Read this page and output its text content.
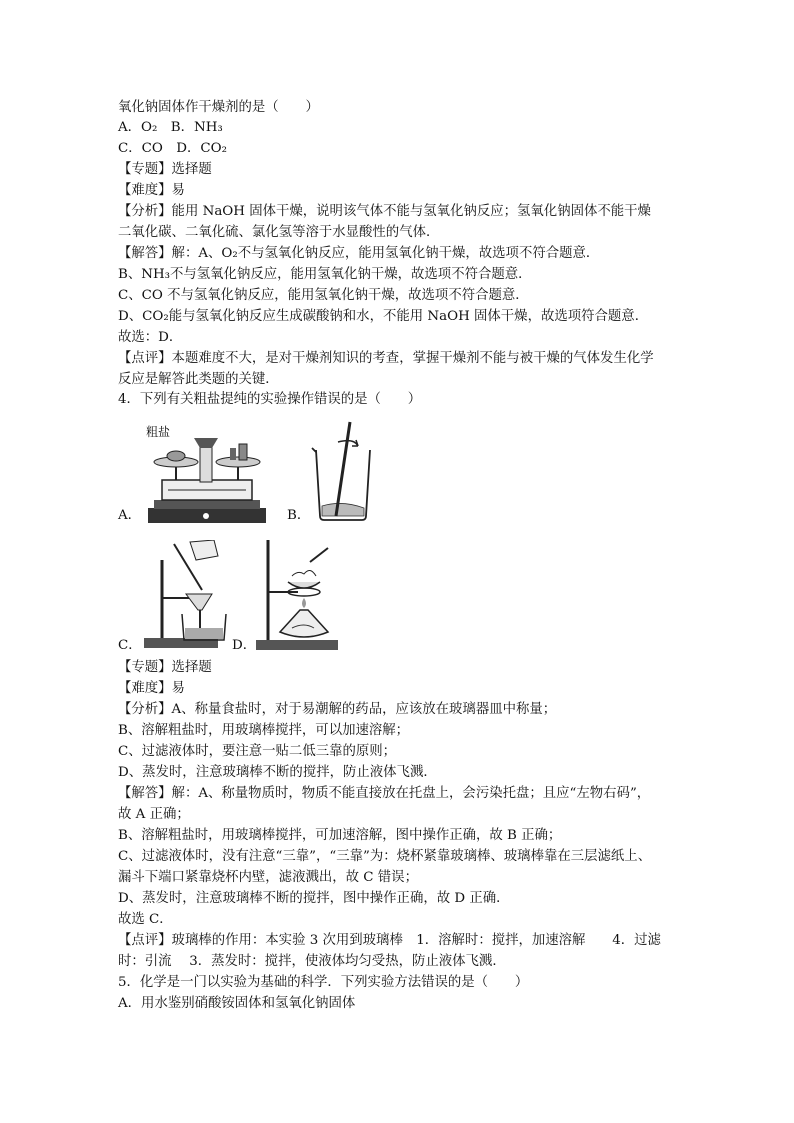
氧化钠固体作干燥剂的是（　　）
A．O₂　B．NH₃
C．CO　D．CO₂
【专题】选择题
【难度】易
【分析】能用 NaOH 固体干燥，说明该气体不能与氢氧化钠反应；氢氧化钠固体不能干燥
二氧化碳、二氧化硫、氯化氢等溶于水显酸性的气体．
【解答】解：A、O₂不与氢氧化钠反应，能用氢氧化钠干燥，故选项不符合题意．
B、NH₃不与氢氧化钠反应，能用氢氧化钠干燥，故选项不符合题意．
C、CO 不与氢氧化钠反应，能用氢氧化钠干燥，故选项不符合题意．
D、CO₂能与氢氧化钠反应生成碳酸钠和水，不能用 NaOH 固体干燥，故选项符合题意．
故选：D．
【点评】本题难度不大，是对干燥剂知识的考查，掌握干燥剂不能与被干燥的气体发生化学
反应是解答此类题的关键．
4．下列有关粗盐提纯的实验操作错误的是（　　）
粗盐
A．	B．
C．	D．
【专题】选择题
【难度】易
【分析】A、称量食盐时，对于易潮解的药品，应该放在玻璃器皿中称量；
B、溶解粗盐时，用玻璃棒搅拌，可以加速溶解；
C、过滤液体时，要注意一贴二低三靠的原则；
D、蒸发时，注意玻璃棒不断的搅拌，防止液体飞溅．
【解答】解：A、称量物质时，物质不能直接放在托盘上，会污染托盘；且应“左物右码”，
故 A 正确；
B、溶解粗盐时，用玻璃棒搅拌，可加速溶解，图中操作正确，故 B 正确；
C、过滤液体时，没有注意“三靠”，“三靠”为：烧杯紧靠玻璃棒、玻璃棒靠在三层滤纸上、
漏斗下端口紧靠烧杯内壁，滤液溅出，故 C 错误；
D、蒸发时，注意玻璃棒不断的搅拌，图中操作正确，故 D 正确．
故选 C．
【点评】玻璃棒的作用：本实验 3 次用到玻璃棒　1．溶解时：搅拌，加速溶解　　4．过滤
时：引流　 3．蒸发时：搅拌，使液体均匀受热，防止液体飞溅．
5．化学是一门以实验为基础的科学．下列实验方法错误的是（　　）
A．用水鉴别硝酸铵固体和氢氧化钠固体
